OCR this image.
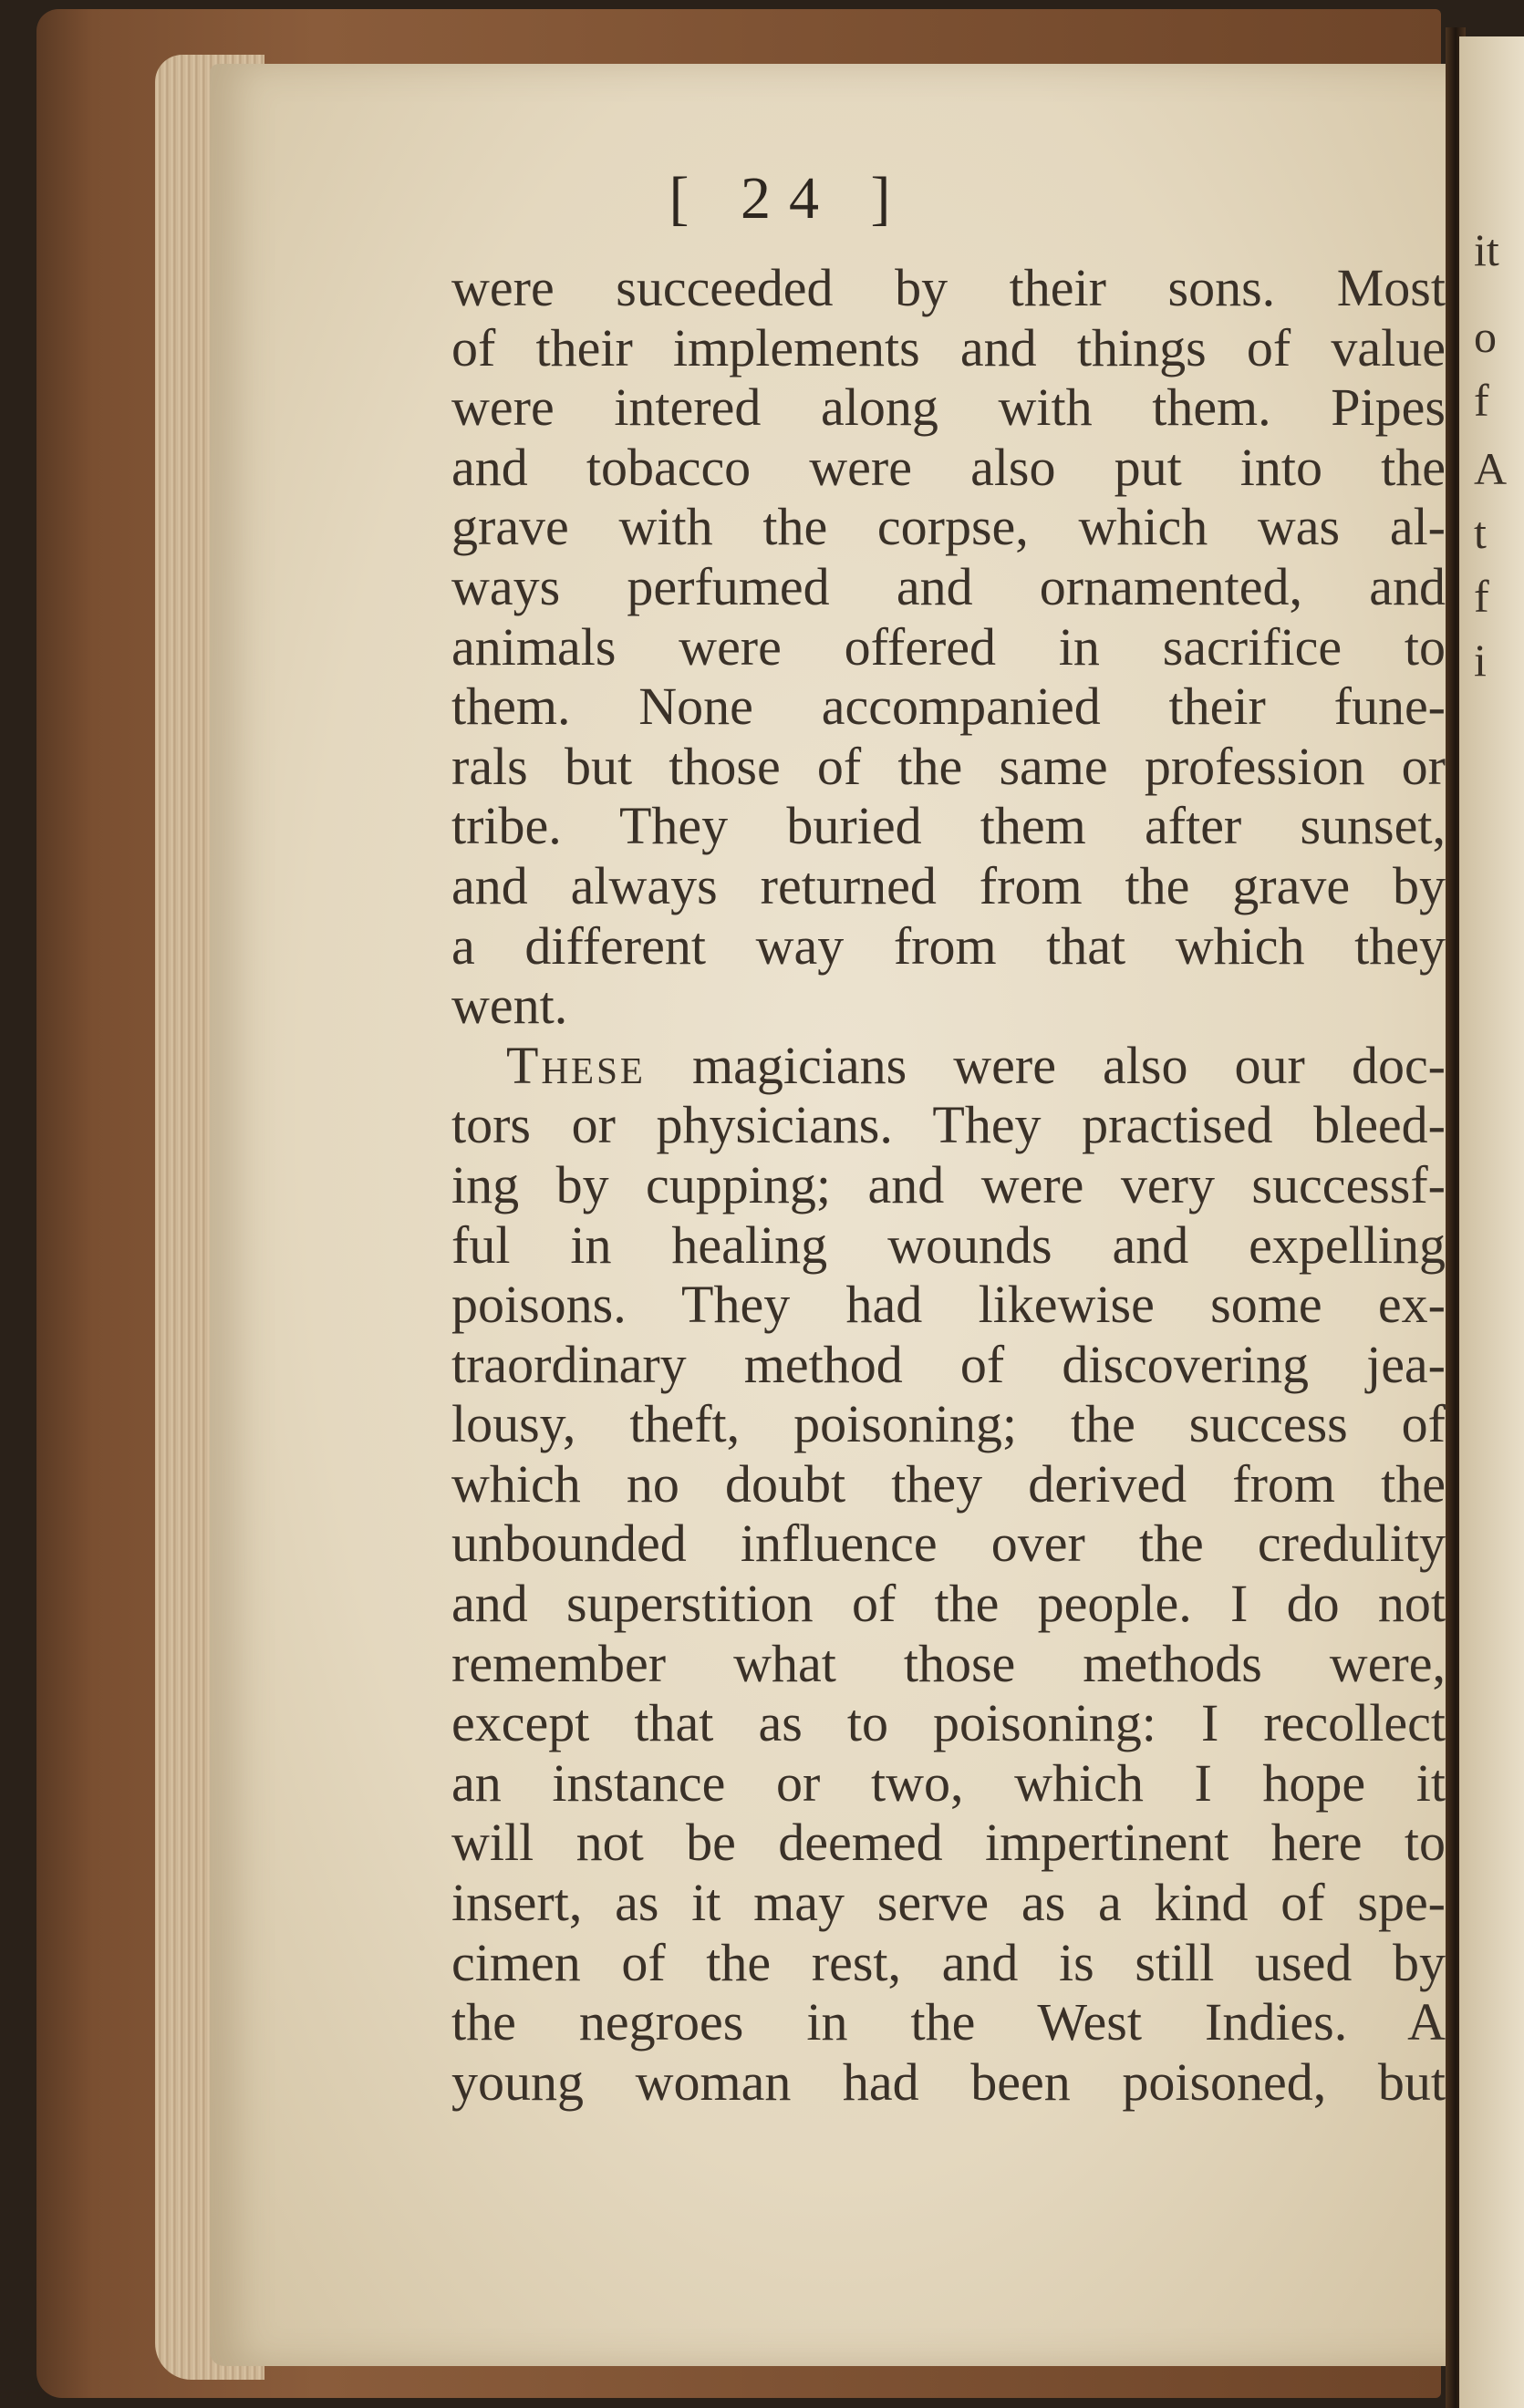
it
o
f
A
t
f
i
[ 24 ]
were succeeded by their sons. Most
of their implements and things of value
were intered along with them. Pipes
and tobacco were also put into the
grave with the corpse, which was al-
ways perfumed and ornamented, and
animals were offered in sacrifice to
them. None accompanied their fune-
rals but those of the same profession or
tribe. They buried them after sunset,
and always returned from the grave by
a different way from that which they
went.
These magicians were also our doc-
tors or physicians. They practised bleed-
ing by cupping; and were very successf-
ful in healing wounds and expelling
poisons. They had likewise some ex-
traordinary method of discovering jea-
lousy, theft, poisoning; the success of
which no doubt they derived from the
unbounded influence over the credulity
and superstition of the people. I do not
remember what those methods were,
except that as to poisoning: I recollect
an instance or two, which I hope it
will not be deemed impertinent here to
insert, as it may serve as a kind of spe-
cimen of the rest, and is still used by
the negroes in the West Indies. A
young woman had been poisoned, but
